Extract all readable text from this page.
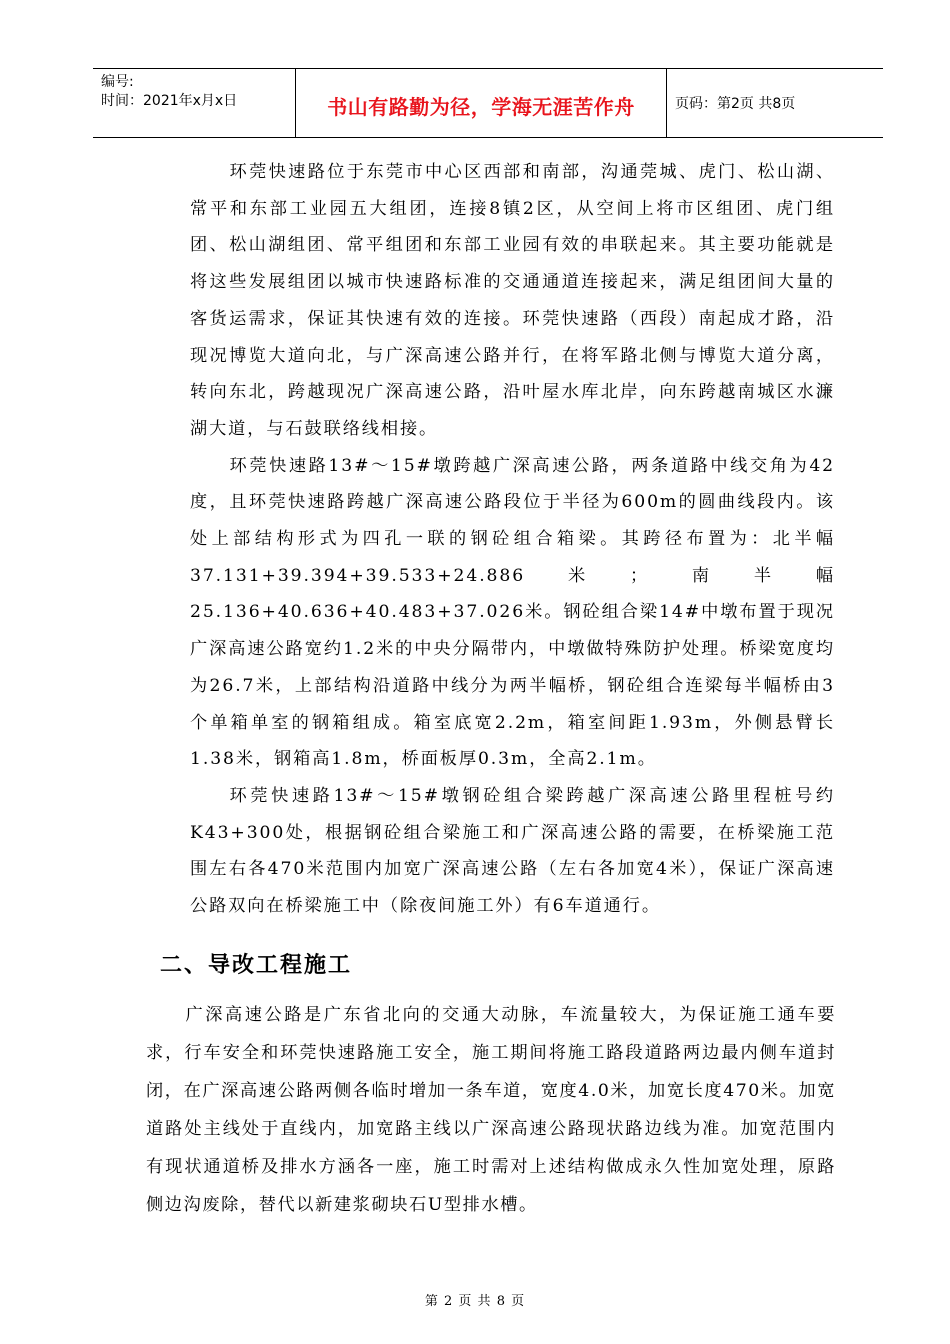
编号:
时间：2021年x月x日	书山有路勤为径，学海无涯苦作舟	页码：第2页 共8页

环莞快速路位于东莞市中心区西部和南部，沟通莞城、虎门、松山湖、常平和东部工业园五大组团，连接8镇2区，从空间上将市区组团、虎门组团、松山湖组团、常平组团和东部工业园有效的串联起来。其主要功能就是将这些发展组团以城市快速路标准的交通通道连接起来，满足组团间大量的客货运需求，保证其快速有效的连接。环莞快速路（西段）南起成才路，沿现况博览大道向北，与广深高速公路并行，在将军路北侧与博览大道分离，转向东北，跨越现况广深高速公路，沿叶屋水库北岸，向东跨越南城区水濂湖大道，与石鼓联络线相接。

环莞快速路13#～15#墩跨越广深高速公路，两条道路中线交角为42度，且环莞快速路跨越广深高速公路段位于半径为600m的圆曲线段内。该处上部结构形式为四孔一联的钢砼组合箱梁。其跨径布置为：北半幅37.131+39.394+39.533+24.886米；南半幅 25.136+40.636+40.483+37.026米。钢砼组合梁14#中墩布置于现况广深高速公路宽约1.2米的中央分隔带内，中墩做特殊防护处理。桥梁宽度均为26.7米，上部结构沿道路中线分为两半幅桥，钢砼组合连梁每半幅桥由3个单箱单室的钢箱组成。箱室底宽2.2m，箱室间距1.93m，外侧悬臂长1.38米，钢箱高1.8m，桥面板厚0.3m，全高2.1m。

环莞快速路13#～15#墩钢砼组合梁跨越广深高速公路里程桩号约K43+300处，根据钢砼组合梁施工和广深高速公路的需要，在桥梁施工范围左右各470米范围内加宽广深高速公路（左右各加宽4米），保证广深高速公路双向在桥梁施工中（除夜间施工外）有6车道通行。

二、导改工程施工

广深高速公路是广东省北向的交通大动脉，车流量较大，为保证施工通车要求，行车安全和环莞快速路施工安全，施工期间将施工路段道路两边最内侧车道封闭，在广深高速公路两侧各临时增加一条车道，宽度4.0米，加宽长度470米。加宽道路处主线处于直线内，加宽路主线以广深高速公路现状路边线为准。加宽范围内有现状通道桥及排水方涵各一座，施工时需对上述结构做成永久性加宽处理，原路侧边沟废除，替代以新建浆砌块石U型排水槽。

第 2 页 共 8 页
